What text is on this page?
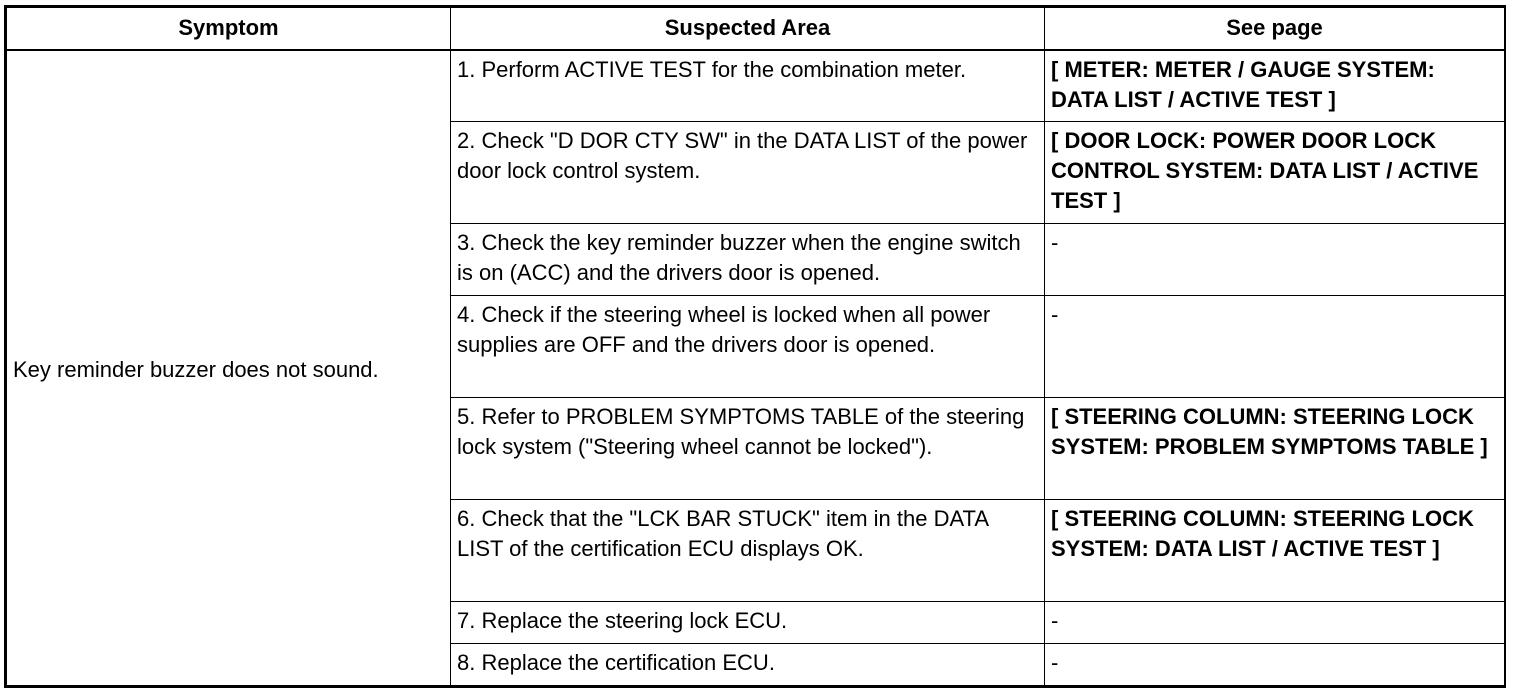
Symptom	Suspected Area	See page
Key reminder buzzer does not sound.	1. Perform ACTIVE TEST for the combination meter.	[ METER: METER / GAUGE SYSTEM: DATA LIST / ACTIVE TEST ]
	2. Check "D DOR CTY SW" in the DATA LIST of the power door lock control system.	[ DOOR LOCK: POWER DOOR LOCK CONTROL SYSTEM: DATA LIST / ACTIVE TEST ]
	3. Check the key reminder buzzer when the engine switch is on (ACC) and the drivers door is opened.	-
	4. Check if the steering wheel is locked when all power supplies are OFF and the drivers door is opened.	-
	5. Refer to PROBLEM SYMPTOMS TABLE of the steering lock system ("Steering wheel cannot be locked").	[ STEERING COLUMN: STEERING LOCK SYSTEM: PROBLEM SYMPTOMS TABLE ]
	6. Check that the "LCK BAR STUCK" item in the DATA LIST of the certification ECU displays OK.	[ STEERING COLUMN: STEERING LOCK SYSTEM: DATA LIST / ACTIVE TEST ]
	7. Replace the steering lock ECU.	-
	8. Replace the certification ECU.	-
